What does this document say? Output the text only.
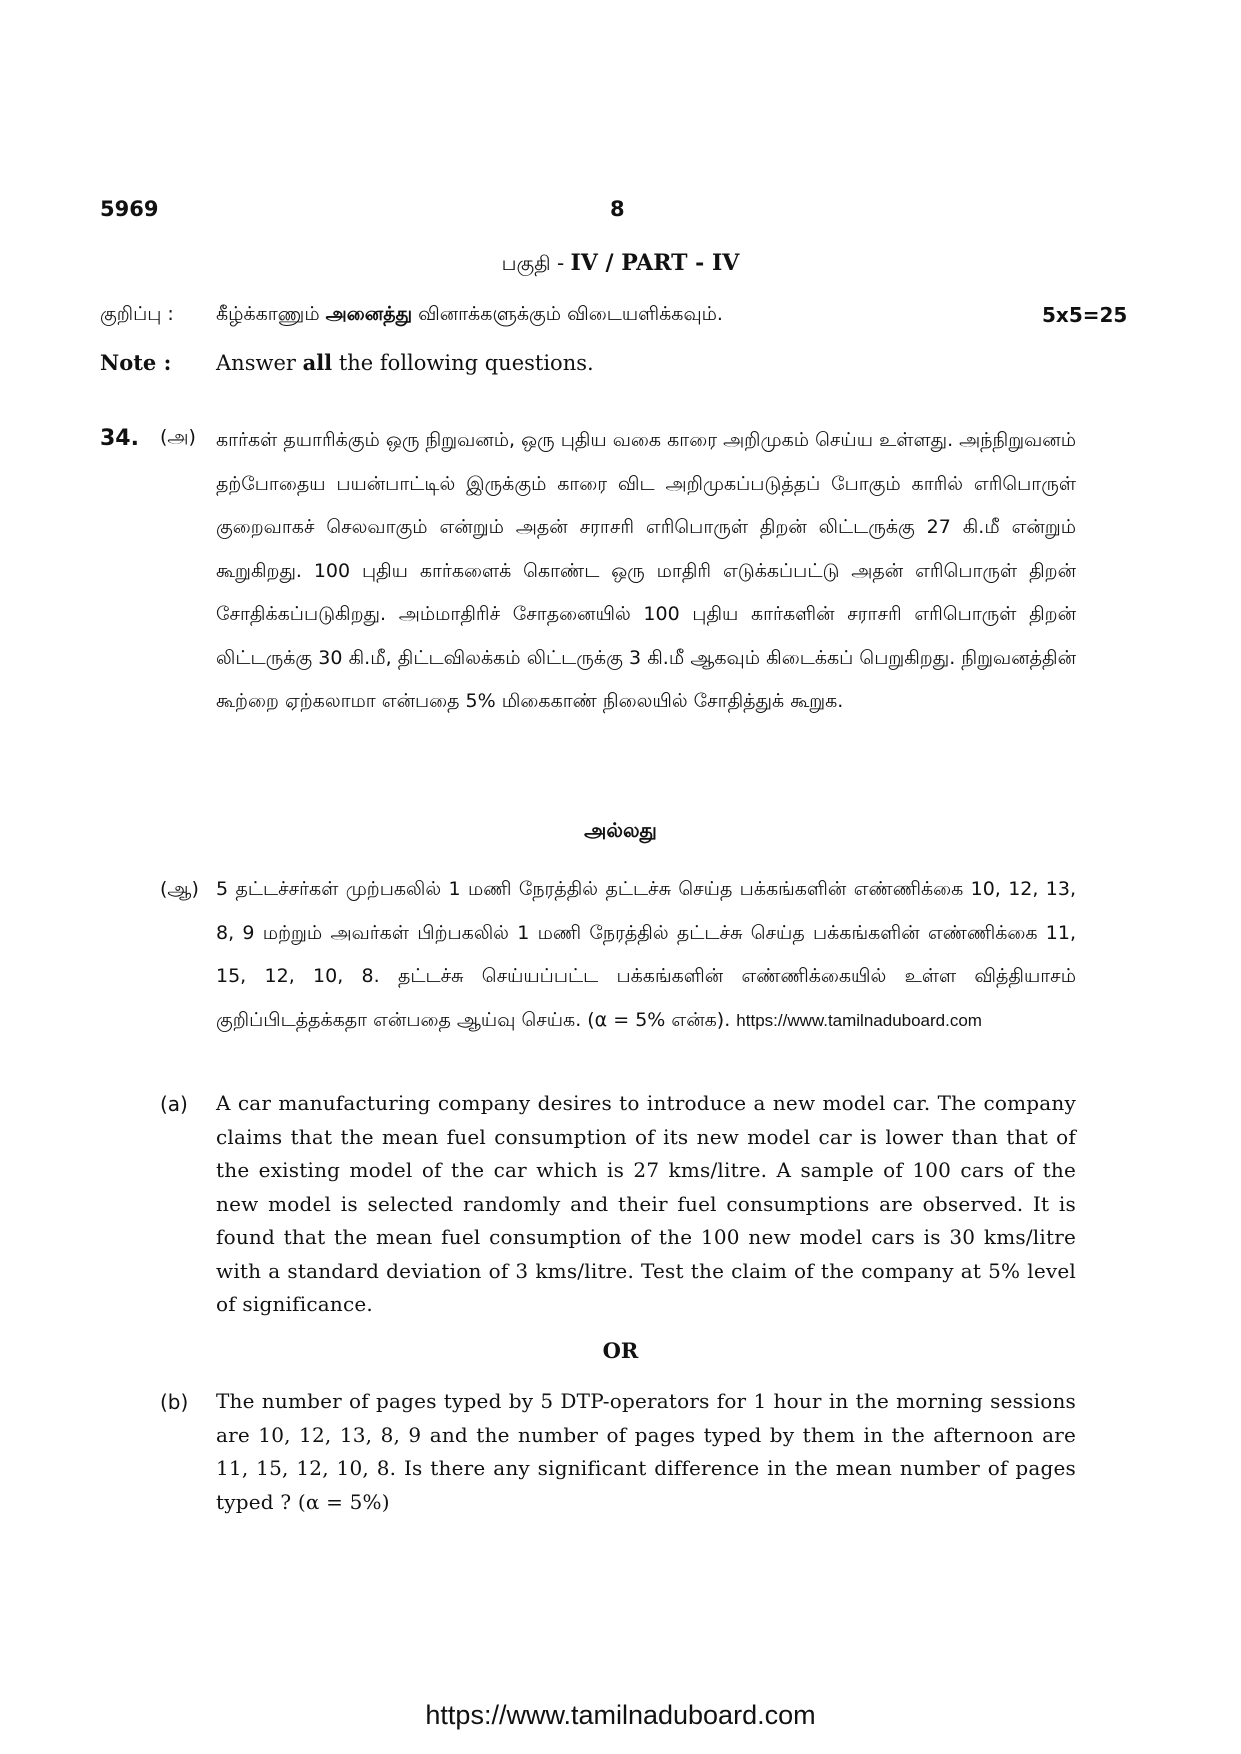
5969	8
பகுதி - IV / PART - IV
குறிப்பு : கீழ்க்காணும் அனைத்து வினாக்களுக்கும் விடையளிக்கவும்.	5x5=25
Note : Answer all the following questions.
34. (அ) கார்கள் தயாரிக்கும் ஒரு நிறுவனம், ஒரு புதிய வகை காரை அறிமுகம் செய்ய உள்ளது. அந்நிறுவனம் தற்போதைய பயன்பாட்டில் இருக்கும் காரை விட அறிமுகப்படுத்தப் போகும் காரில் எரிபொருள் குறைவாகச் செலவாகும் என்றும் அதன் சராசரி எரிபொருள் திறன் லிட்டருக்கு 27 கி.மீ என்றும் கூறுகிறது. 100 புதிய கார்களைக் கொண்ட ஒரு மாதிரி எடுக்கப்பட்டு அதன் எரிபொருள் திறன் சோதிக்கப்படுகிறது. அம்மாதிரிச் சோதனையில் 100 புதிய கார்களின் சராசரி எரிபொருள் திறன் லிட்டருக்கு 30 கி.மீ, திட்டவிலக்கம் லிட்டருக்கு 3 கி.மீ ஆகவும் கிடைக்கப் பெறுகிறது. நிறுவனத்தின் கூற்றை ஏற்கலாமா என்பதை 5% மிகைகாண் நிலையில் சோதித்துக் கூறுக.
அல்லது
(ஆ) 5 தட்டச்சர்கள் முற்பகலில் 1 மணி நேரத்தில் தட்டச்சு செய்த பக்கங்களின் எண்ணிக்கை 10, 12, 13, 8, 9 மற்றும் அவர்கள் பிற்பகலில் 1 மணி நேரத்தில் தட்டச்சு செய்த பக்கங்களின் எண்ணிக்கை 11, 15, 12, 10, 8. தட்டச்சு செய்யப்பட்ட பக்கங்களின் எண்ணிக்கையில் உள்ள வித்தியாசம் குறிப்பிடத்தக்கதா என்பதை ஆய்வு செய்க. (α = 5% என்க). https://www.tamilnaduboard.com
(a) A car manufacturing company desires to introduce a new model car. The company claims that the mean fuel consumption of its new model car is lower than that of the existing model of the car which is 27 kms/litre. A sample of 100 cars of the new model is selected randomly and their fuel consumptions are observed. It is found that the mean fuel consumption of the 100 new model cars is 30 kms/litre with a standard deviation of 3 kms/litre. Test the claim of the company at 5% level of significance.
OR
(b) The number of pages typed by 5 DTP-operators for 1 hour in the morning sessions are 10, 12, 13, 8, 9 and the number of pages typed by them in the afternoon are 11, 15, 12, 10, 8. Is there any significant difference in the mean number of pages typed ? (α = 5%)
https://www.tamilnaduboard.com
